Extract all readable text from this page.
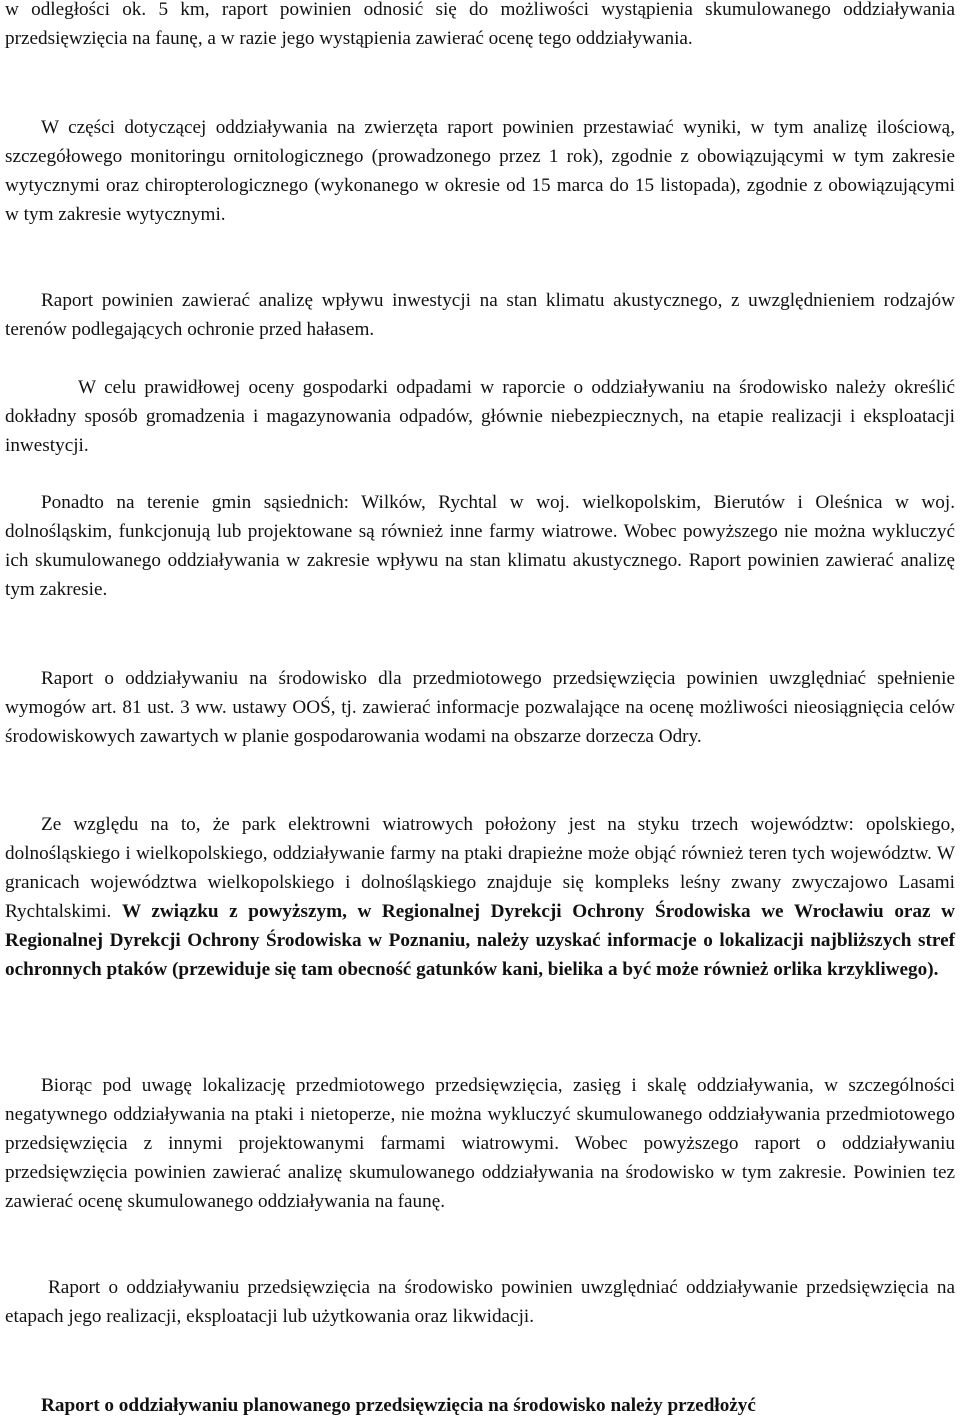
w odległości ok. 5 km, raport powinien odnosić się do możliwości wystąpienia skumulowanego oddziaływania przedsięwzięcia na faunę, a w razie jego wystąpienia zawierać ocenę tego oddziaływania.

W części dotyczącej oddziaływania na zwierzęta raport powinien przestawiać wyniki, w tym analizę ilościową, szczegółowego monitoringu ornitologicznego (prowadzonego przez 1 rok), zgodnie z obowiązującymi w tym zakresie wytycznymi oraz chiropterologicznego (wykonanego w okresie od 15 marca do 15 listopada), zgodnie z obowiązującymi w tym zakresie wytycznymi.

Raport powinien zawierać analizę wpływu inwestycji na stan klimatu akustycznego, z uwzględnieniem rodzajów terenów podlegających ochronie przed hałasem.

W celu prawidłowej oceny gospodarki odpadami w raporcie o oddziaływaniu na środowisko należy określić dokładny sposób gromadzenia i magazynowania odpadów, głównie niebezpiecznych, na etapie realizacji i eksploatacji inwestycji.

Ponadto na terenie gmin sąsiednich: Wilków, Rychtal w woj. wielkopolskim, Bierutów i Oleśnica w woj. dolnośląskim, funkcjonują lub projektowane są również inne farmy wiatrowe. Wobec powyższego nie można wykluczyć ich skumulowanego oddziaływania w zakresie wpływu na stan klimatu akustycznego. Raport powinien zawierać analizę tym zakresie.

Raport o oddziaływaniu na środowisko dla przedmiotowego przedsięwzięcia powinien uwzględniać spełnienie wymogów art. 81 ust. 3 ww. ustawy OOŚ, tj. zawierać informacje pozwalające na ocenę możliwości nieosiągnięcia celów środowiskowych zawartych w planie gospodarowania wodami na obszarze dorzecza Odry.

Ze względu na to, że park elektrowni wiatrowych położony jest na styku trzech województw: opolskiego, dolnośląskiego i wielkopolskiego, oddziaływanie farmy na ptaki drapieżne może objąć również teren tych województw. W granicach województwa wielkopolskiego i dolnośląskiego znajduje się kompleks leśny zwany zwyczajowo Lasami Rychtalskimi. W związku z powyższym, w Regionalnej Dyrekcji Ochrony Środowiska we Wrocławiu oraz w Regionalnej Dyrekcji Ochrony Środowiska w Poznaniu, należy uzyskać informacje o lokalizacji najbliższych stref ochronnych ptaków (przewiduje się tam obecność gatunków kani, bielika a być może również orlika krzykliwego).

Biorąc pod uwagę lokalizację przedmiotowego przedsięwzięcia, zasięg i skalę oddziaływania, w szczególności negatywnego oddziaływania na ptaki i nietoperze, nie można wykluczyć skumulowanego oddziaływania przedmiotowego przedsięwzięcia z innymi projektowanymi farmami wiatrowymi. Wobec powyższego raport o oddziaływaniu przedsięwzięcia powinien zawierać analizę skumulowanego oddziaływania na środowisko w tym zakresie. Powinien tez zawierać ocenę skumulowanego oddziaływania na faunę.

Raport o oddziaływaniu przedsięwzięcia na środowisko powinien uwzględniać oddziaływanie przedsięwzięcia na etapach jego realizacji, eksploatacji lub użytkowania oraz likwidacji.

Raport o oddziaływaniu planowanego przedsięwzięcia na środowisko należy przedłożyć
